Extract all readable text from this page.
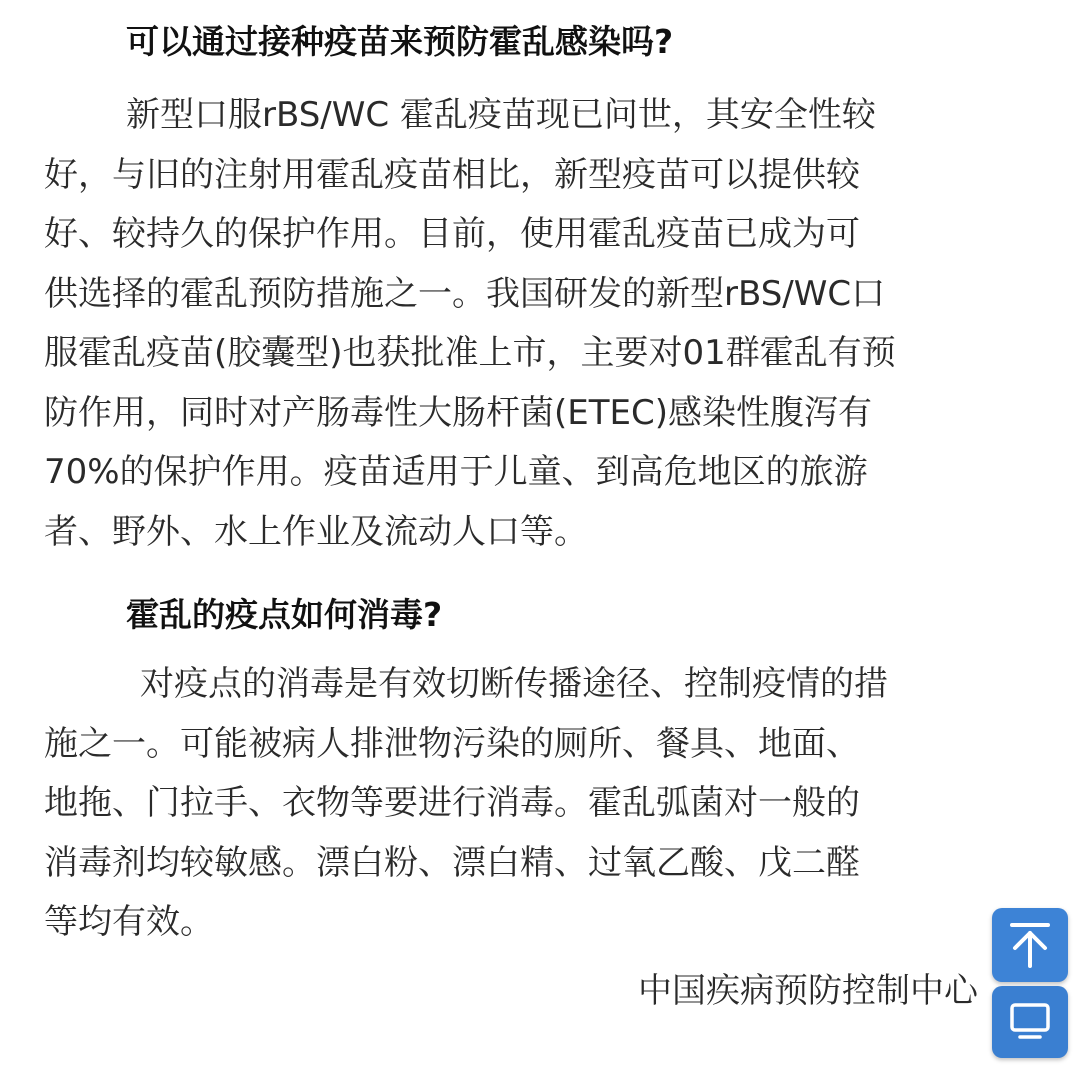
可以通过接种疫苗来预防霍乱感染吗?
新型口服rBS/WC 霍乱疫苗现已问世，其安全性较
好，与旧的注射用霍乱疫苗相比，新型疫苗可以提供较
好、较持久的保护作用。目前，使用霍乱疫苗已成为可
供选择的霍乱预防措施之一。我国研发的新型rBS/WC口
服霍乱疫苗(胶囊型)也获批准上市，主要对01群霍乱有预
防作用，同时对产肠毒性大肠杆菌(ETEC)感染性腹泻有
70%的保护作用。疫苗适用于儿童、到高危地区的旅游
者、野外、水上作业及流动人口等。
霍乱的疫点如何消毒?
对疫点的消毒是有效切断传播途径、控制疫情的措
施之一。可能被病人排泄物污染的厕所、餐具、地面、
地拖、门拉手、衣物等要进行消毒。霍乱弧菌对一般的
消毒剂均较敏感。漂白粉、漂白精、过氧乙酸、戊二醛
等均有效。
中国疾病预防控制中心
